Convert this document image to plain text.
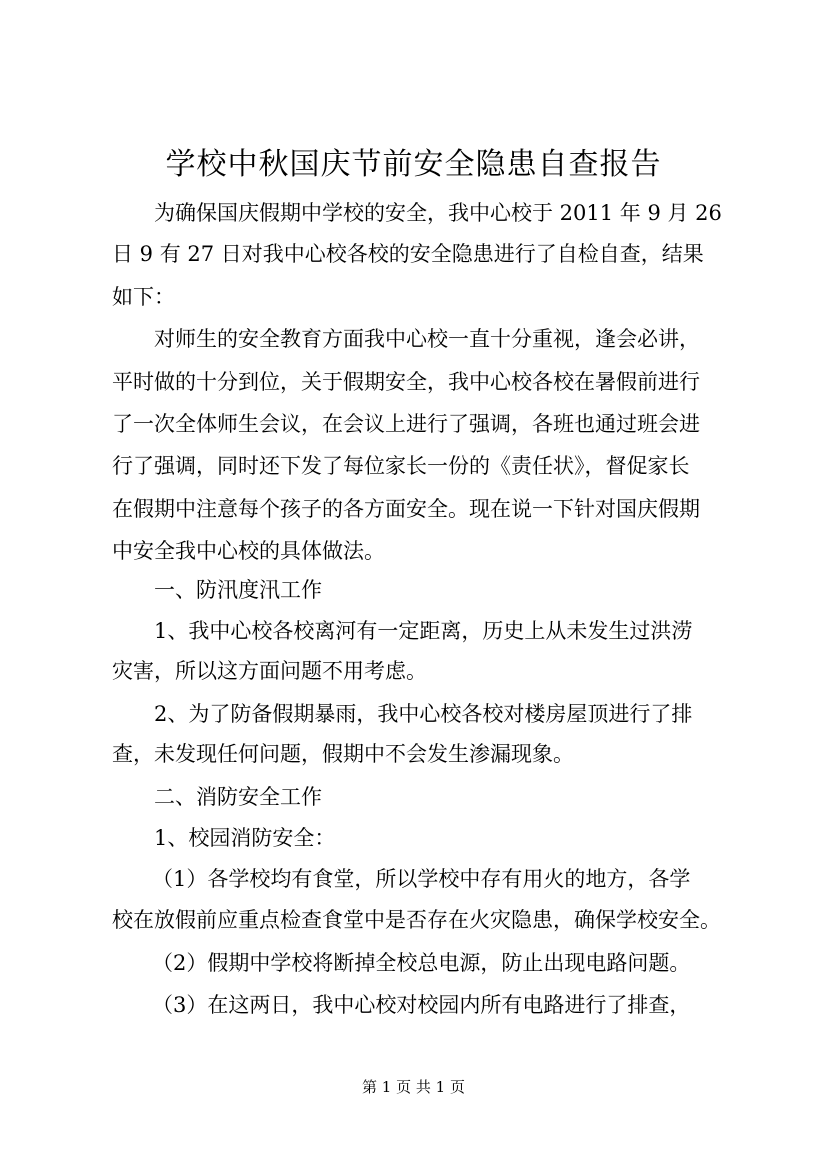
学校中秋国庆节前安全隐患自查报告
为确保国庆假期中学校的安全，我中心校于 2011 年 9 月 26
日 9 有 27 日对我中心校各校的安全隐患进行了自检自查，结果
如下：
对师生的安全教育方面我中心校一直十分重视，逢会必讲，
平时做的十分到位，关于假期安全，我中心校各校在暑假前进行
了一次全体师生会议，在会议上进行了强调，各班也通过班会进
行了强调，同时还下发了每位家长一份的《责任状》，督促家长
在假期中注意每个孩子的各方面安全。现在说一下针对国庆假期
中安全我中心校的具体做法。
一、防汛度汛工作
1、我中心校各校离河有一定距离，历史上从未发生过洪涝
灾害，所以这方面问题不用考虑。
2、为了防备假期暴雨，我中心校各校对楼房屋顶进行了排
查，未发现任何问题，假期中不会发生渗漏现象。
二、消防安全工作
1、校园消防安全：
（1）各学校均有食堂，所以学校中存有用火的地方，各学
校在放假前应重点检查食堂中是否存在火灾隐患，确保学校安全。
（2）假期中学校将断掉全校总电源，防止出现电路问题。
（3）在这两日，我中心校对校园内所有电路进行了排查，
第 1 页 共 1 页
